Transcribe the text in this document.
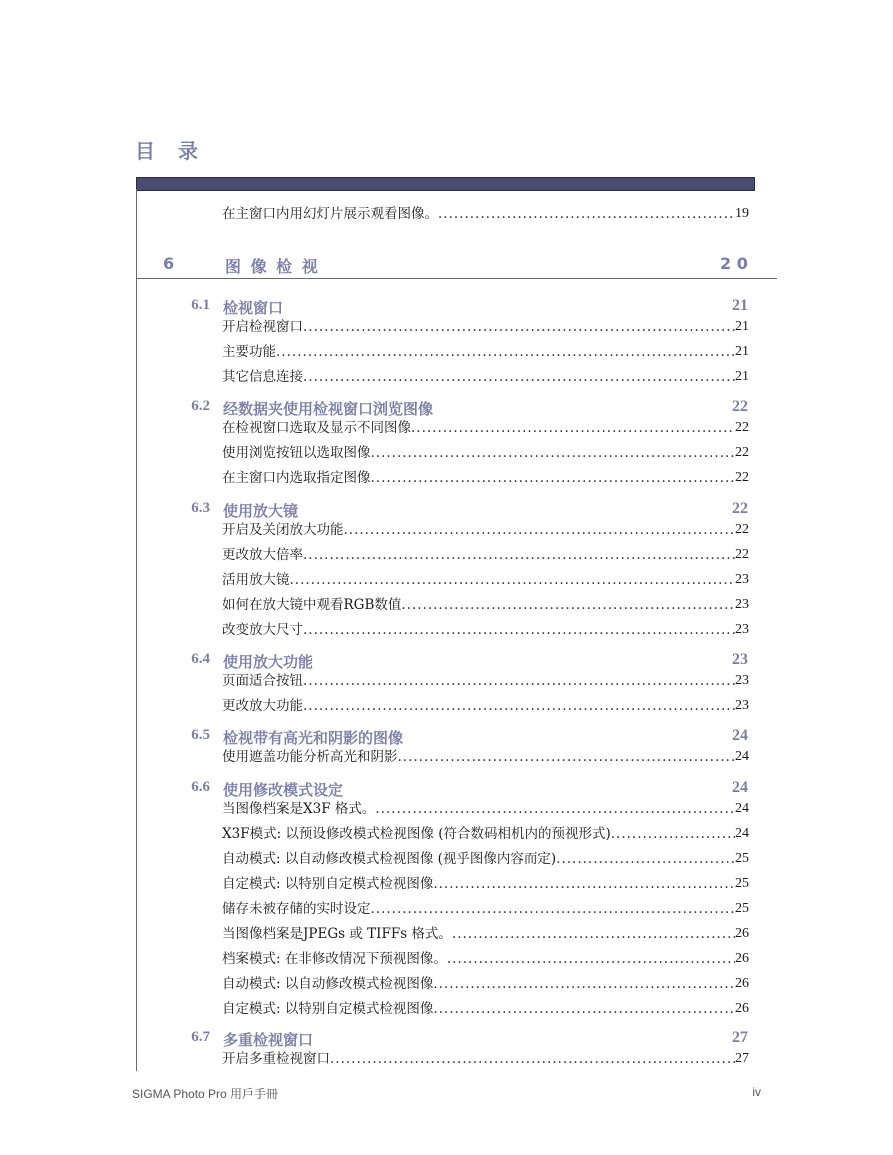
目 录
在主窗口内用幻灯片展示观看图像。 .....	19
6	图 像 检 视	2 0
6.1 检视窗口	21
开启检视窗口 .....	21
主要功能 .....	21
其它信息连接 .....	21
6.2 经数据夹使用检视窗口浏览图像	22
在检视窗口选取及显示不同图像 .....	22
使用浏览按钮以选取图像 .....	22
在主窗口内选取指定图像 .....	22
6.3 使用放大镜	22
开启及关闭放大功能 .....	22
更改放大倍率 .....	22
活用放大镜 .....	23
如何在放大镜中观看RGB数值 .....	23
改变放大尺寸 .....	23
6.4 使用放大功能	23
页面适合按钮 .....	23
更改放大功能 .....	23
6.5 检视带有高光和阴影的图像	24
使用遮盖功能分析高光和阴影 .....	24
6.6 使用修改模式设定	24
当图像档案是X3F 格式。 .....	24
X3F模式: 以预设修改模式检视图像 (符合数码相机内的预视形式) .....	24
自动模式: 以自动修改模式检视图像 (视乎图像内容而定) .....	25
自定模式: 以特别自定模式检视图像 .....	25
储存未被存储的实时设定 .....	25
当图像档案是JPEGs 或 TIFFs 格式。 .....	26
档案模式: 在非修改情况下预视图像。 .....	26
自动模式: 以自动修改模式检视图像 .....	26
自定模式: 以特别自定模式检视图像 .....	26
6.7 多重检视窗口	27
开启多重检视窗口 .....	27
SIGMA Photo Pro 用戶手冊	iv
